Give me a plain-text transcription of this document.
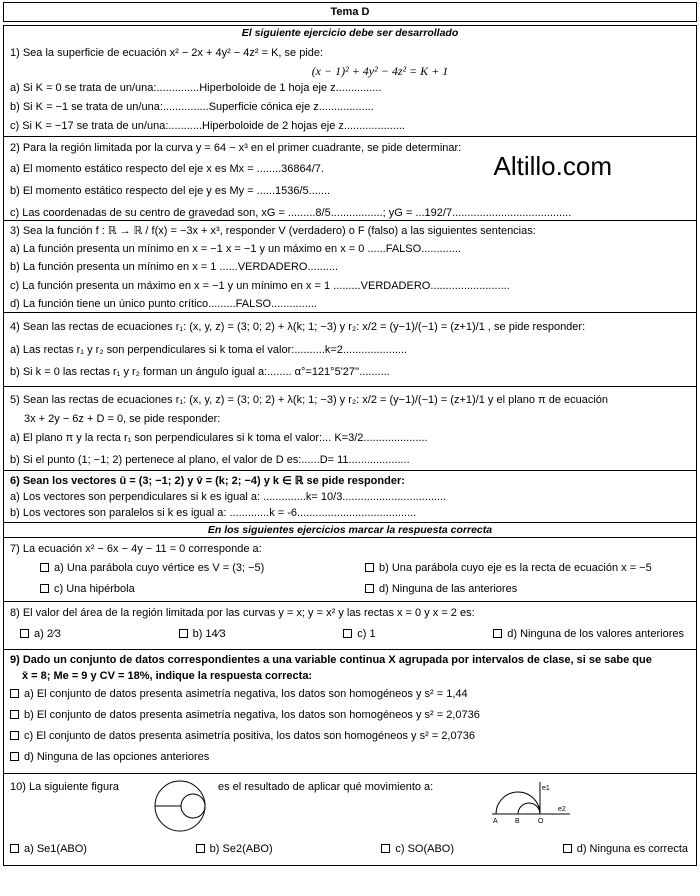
Tema D
El siguiente ejercicio debe ser desarrollado
1) Sea la superficie de ecuación x² − 2x + 4y² − 4z² = K, se pide:
(x − 1)² + 4y² − 4z² = K + 1
a) Si K = 0 se trata de un/una:..............Hiperboloide de 1 hoja eje z...............
b) Si K = −1 se trata de un/una:...............Superficie cónica eje z..................
c) Si K = −17 se trata de un/una:...........Hiperboloide de 2 hojas eje z....................
2) Para la región limitada por la curva y = 64 − x³ en el primer cuadrante, se pide determinar:
a) El momento estático respecto del eje x es Mx = ........36864/7.
b) El momento estático respecto del eje y es My = ......1536/5.......
c) Las coordenadas de su centro de gravedad son, xG = .........8/5.................; yG = ...192/7.......................................
Altillo.com
3) Sea la función f : ℝ → ℝ / f(x) = −3x + x³, responder V (verdadero) o F (falso) a las siguientes sentencias:
a) La función presenta un mínimo en x = −1 x = −1 y un máximo en x = 0 ......FALSO.............
b) La función presenta un mínimo en x = 1 ......VERDADERO..........
c) La función presenta un máximo en x = −1 y un mínimo en x = 1 .........VERDADERO..........................
d) La función tiene un único punto crítico.........FALSO...............
4) Sean las rectas de ecuaciones r₁: (x, y, z) = (3; 0; 2) + λ(k; 1; −3) y r₂: x/2 = (y−1)/(−1) = (z+1)/1 , se pide responder:
a) Las rectas r₁ y r₂ son perpendiculares si k toma el valor:..........k=2.....................
b) Si k = 0 las rectas r₁ y r₂ forman un ángulo igual a:........ α°=121°5'27''..........
5) Sean las rectas de ecuaciones r₁: (x, y, z) = (3; 0; 2) + λ(k; 1; −3) y r₂: x/2 = (y−1)/(−1) = (z+1)/1 y el plano π de ecuación
3x + 2y − 6z + D = 0, se pide responder:
a) El plano π y la recta r₁ son perpendiculares si k toma el valor:... K=3/2.....................
b) Si el punto (1; −1; 2) pertenece al plano, el valor de D es:......D= 11....................
6) Sean los vectores ū = (3; −1; 2) y v̄ = (k; 2; −4) y k ∈ ℝ se pide responder:
a) Los vectores son perpendiculares si k es igual a: ..............k= 10/3..................................
b) Los vectores son paralelos si k es igual a: .............k = -6.......................................
En los siguientes ejercicios marcar la respuesta correcta
7) La ecuación x² − 6x − 4y − 11 = 0 corresponde a:
a) Una parábola cuyo vértice es V = (3; −5)	b) Una parábola cuyo eje es la recta de ecuación x = −5
c) Una hipérbola	d) Ninguna de las anteriores
8) El valor del área de la región limitada por las curvas y = x; y = x² y las rectas x = 0 y x = 2 es:
a) 2⁄3	b) 14⁄3	c) 1	d) Ninguna de los valores anteriores
9) Dado un conjunto de datos correspondientes a una variable continua X agrupada por intervalos de clase, si se sabe que
x̄ = 8; Me = 9 y CV = 18%, indique la respuesta correcta:
a) El conjunto de datos presenta asimetría negativa, los datos son homogéneos y s² = 1,44
b) El conjunto de datos presenta asimetría negativa, los datos son homogéneos y s² = 2,0736
c) El conjunto de datos presenta asimetría positiva, los datos son homogéneos y s² = 2,0736
d) Ninguna de las opciones anteriores
10) La siguiente figura	es el resultado de aplicar qué movimiento a:	e1
e2
A B	O
a) Se1(ABO)	b) Se2(ABO)	c) SO(ABO)	d) Ninguna es correcta
